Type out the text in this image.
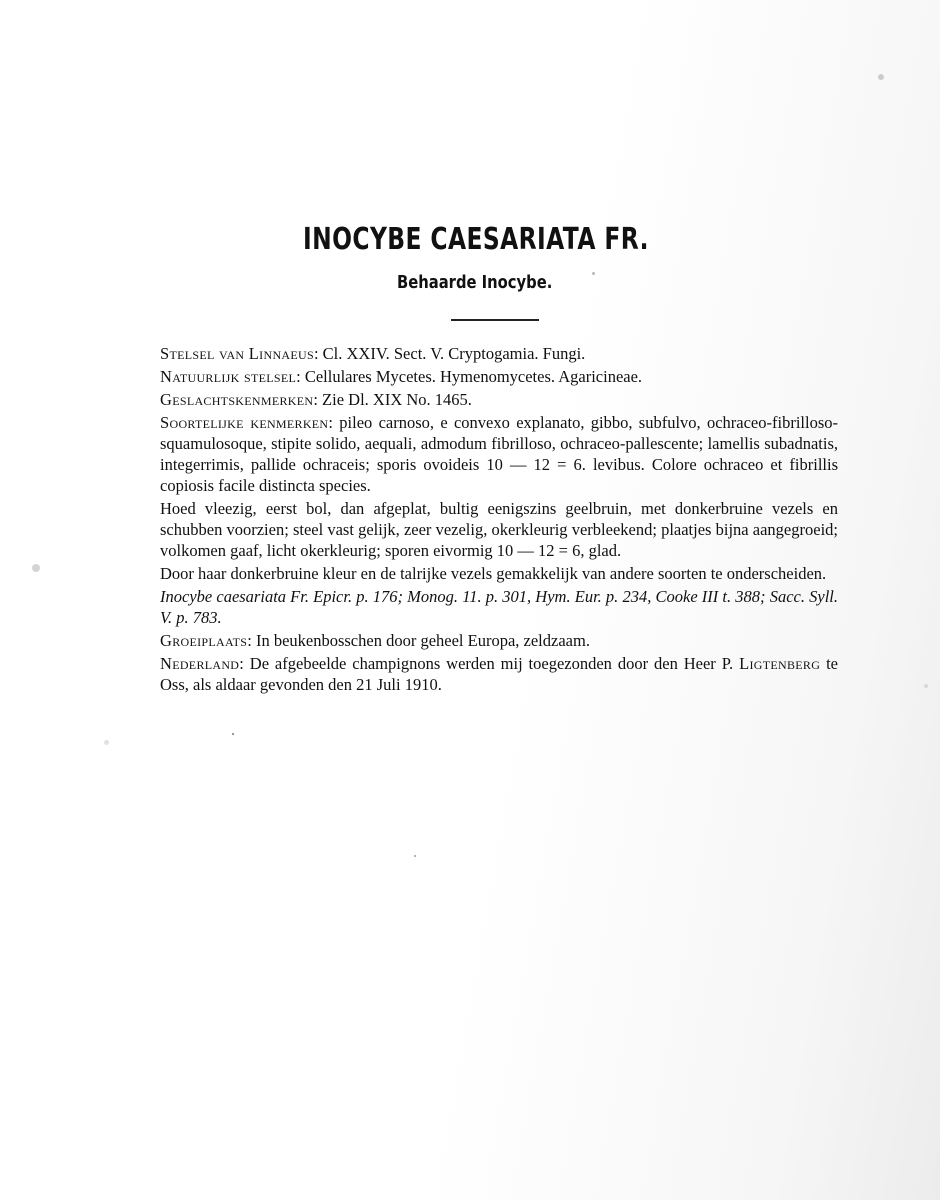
INOCYBE CAESARIATA FR.
Behaarde Inocybe.

Stelsel van Linnaeus: Cl. XXIV. Sect. V. Cryptogamia. Fungi.

Natuurlijk stelsel: Cellulares Mycetes. Hymenomycetes. Agaricineae.

Geslachtskenmerken: Zie Dl. XIX No. 1465.

Soortelijke kenmerken: pileo carnoso, e convexo explanato, gibbo, subfulvo, ochraceo-fibrilloso-squamulosoque, stipite solido, aequali, admodum fibrilloso, ochraceo-pallescente; lamellis subadnatis, integerrimis, pallide ochraceis; sporis ovoideis 10 — 12 = 6. levibus. Colore ochraceo et fibrillis copiosis facile distincta species.

Hoed vleezig, eerst bol, dan afgeplat, bultig eenigszins geelbruin, met donkerbruine vezels en schubben voorzien; steel vast gelijk, zeer vezelig, okerkleurig verbleekend; plaatjes bijna aangegroeid; volkomen gaaf, licht okerkleurig; sporen eivormig 10 — 12 = 6, glad.

Door haar donkerbruine kleur en de talrijke vezels gemakkelijk van andere soorten te onderscheiden.

Inocybe caesariata Fr. Epicr. p. 176; Monog. 11. p. 301, Hym. Eur. p. 234, Cooke III t. 388; Sacc. Syll. V. p. 783.

Groeiplaats: In beukenbosschen door geheel Europa, zeldzaam.

Nederland: De afgebeelde champignons werden mij toegezonden door den Heer P. Ligtenberg te Oss, als aldaar gevonden den 21 Juli 1910.
